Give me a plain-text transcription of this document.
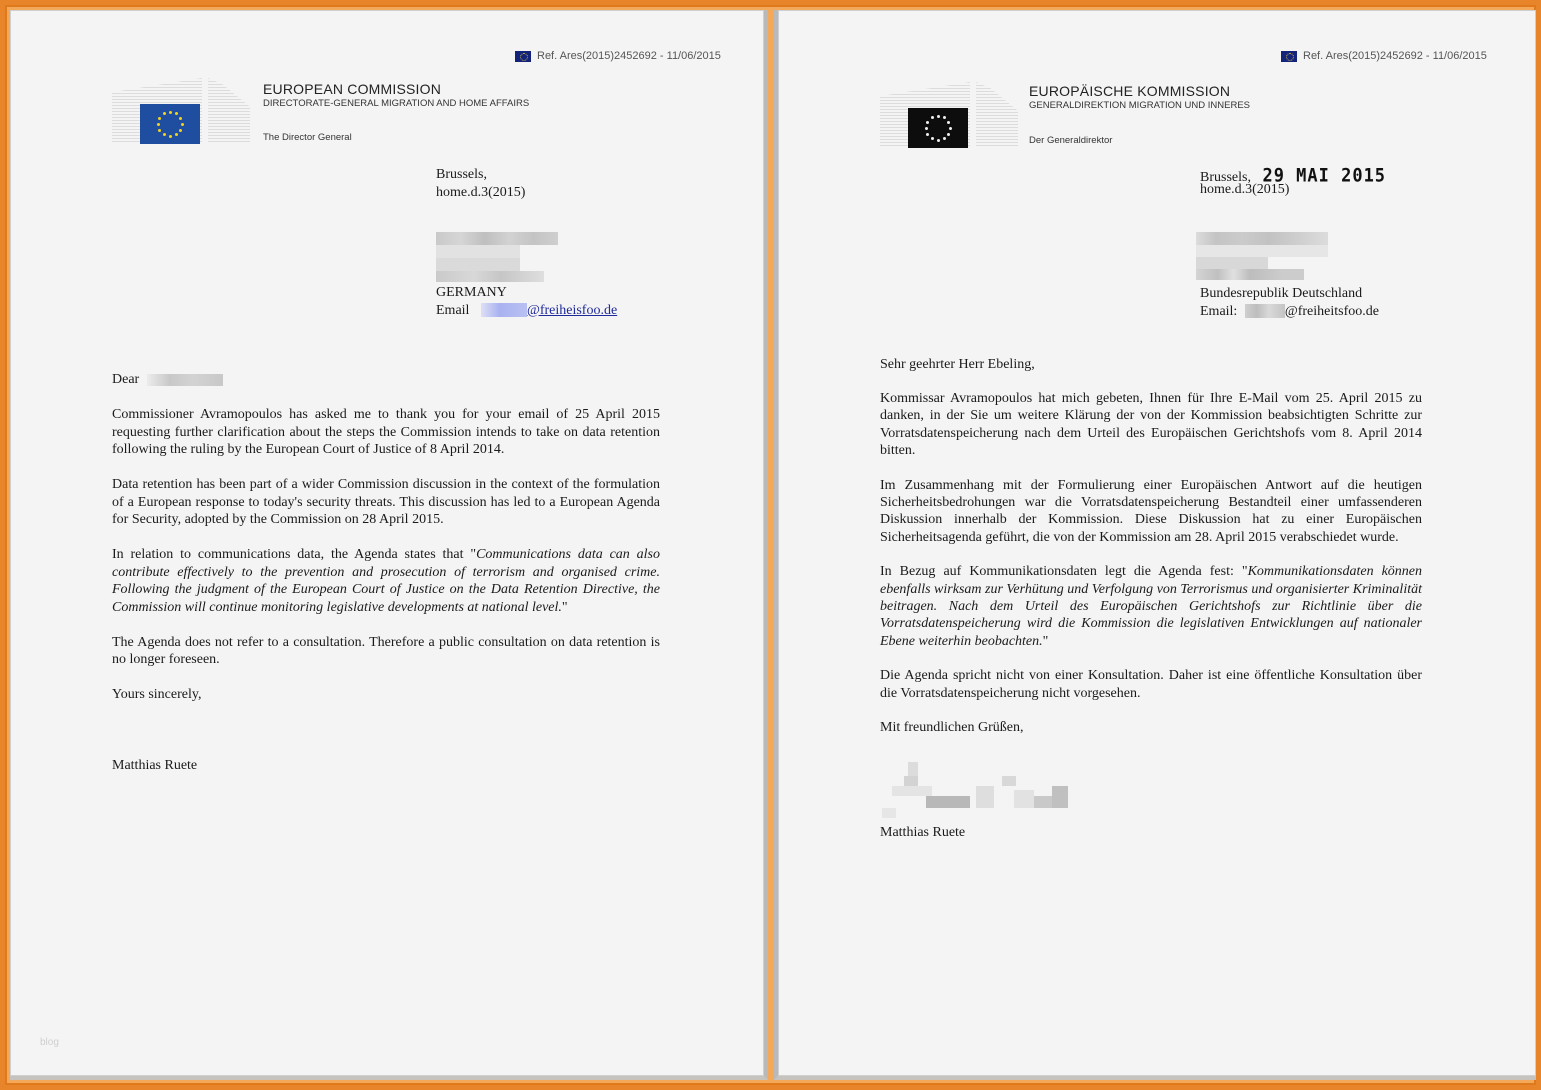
Ref. Ares(2015)2452692 - 11/06/2015
EUROPEAN COMMISSION
DIRECTORATE-GENERAL MIGRATION AND HOME AFFAIRS
The Director General
Brussels,
home.d.3(2015)
GERMANY
Email	@freiheisfoo.de
Dear

Commissioner Avramopoulos has asked me to thank you for your email of 25 April 2015 requesting further clarification about the steps the Commission intends to take on data retention following the ruling by the European Court of Justice of 8 April 2014.

Data retention has been part of a wider Commission discussion in the context of the formulation of a European response to today's security threats. This discussion has led to a European Agenda for Security, adopted by the Commission on 28 April 2015.

In relation to communications data, the Agenda states that "Communications data can also contribute effectively to the prevention and prosecution of terrorism and organised crime. Following the judgment of the European Court of Justice on the Data Retention Directive, the Commission will continue monitoring legislative developments at national level."

The Agenda does not refer to a consultation. Therefore a public consultation on data retention is no longer foreseen.

Yours sincerely,

Matthias Ruete
blog
Ref. Ares(2015)2452692 - 11/06/2015
EUROPÄISCHE KOMMISSION
GENERALDIREKTION MIGRATION UND INNERES
Der Generaldirektor
Brussels, 29 MAI 2015
home.d.3(2015)
Bundesrepublik Deutschland
Email:	@freiheitsfoo.de
Sehr geehrter Herr Ebeling,

Kommissar Avramopoulos hat mich gebeten, Ihnen für Ihre E-Mail vom 25. April 2015 zu danken, in der Sie um weitere Klärung der von der Kommission beabsichtigten Schritte zur Vorratsdatenspeicherung nach dem Urteil des Europäischen Gerichtshofs vom 8. April 2014 bitten.

Im Zusammenhang mit der Formulierung einer Europäischen Antwort auf die heutigen Sicherheitsbedrohungen war die Vorratsdatenspeicherung Bestandteil einer umfassenderen Diskussion innerhalb der Kommission. Diese Diskussion hat zu einer Europäischen Sicherheitsagenda geführt, die von der Kommission am 28. April 2015 verabschiedet wurde.

In Bezug auf Kommunikationsdaten legt die Agenda fest: "Kommunikationsdaten können ebenfalls wirksam zur Verhütung und Verfolgung von Terrorismus und organisierter Kriminalität beitragen. Nach dem Urteil des Europäischen Gerichtshofs zur Richtlinie über die Vorratsdatenspeicherung wird die Kommission die legislativen Entwicklungen auf nationaler Ebene weiterhin beobachten."

Die Agenda spricht nicht von einer Konsultation. Daher ist eine öffentliche Konsultation über die Vorratsdatenspeicherung nicht vorgesehen.

Mit freundlichen Grüßen,

Matthias Ruete
